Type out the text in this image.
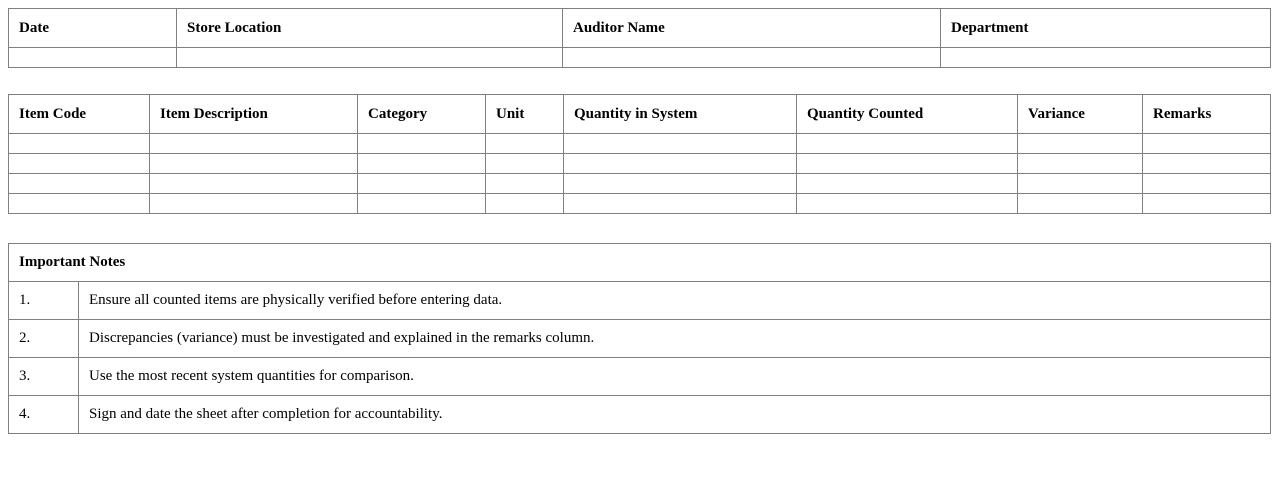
Date	Store Location	Auditor Name	Department

Item Code	Item Description	Category	Unit	Quantity in System	Quantity Counted	Variance	Remarks

Important Notes	
1.	Ensure all counted items are physically verified before entering data.
2.	Discrepancies (variance) must be investigated and explained in the remarks column.
3.	Use the most recent system quantities for comparison.
4.	Sign and date the sheet after completion for accountability.
